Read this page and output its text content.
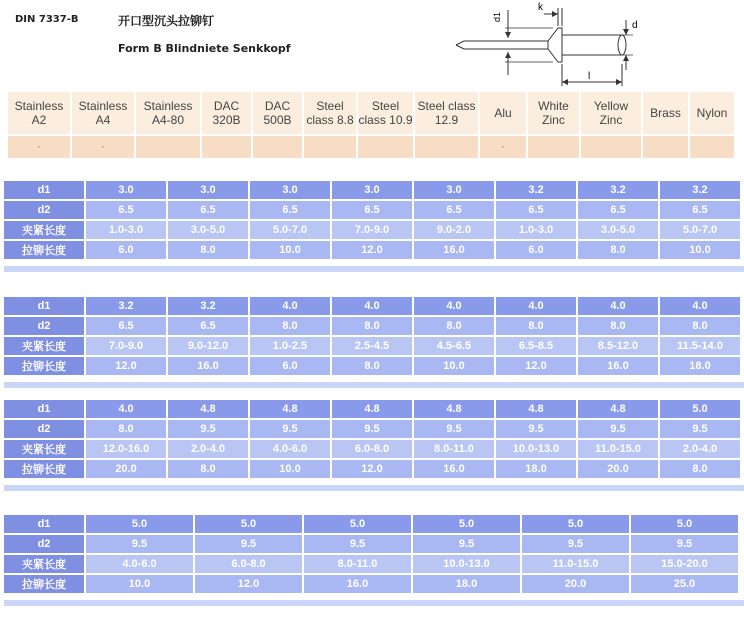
DIN 7337-B	开口型沉头拉铆钉
Form B Blindniete Senkkopf
d1
k
d
l
Stainless A2	Stainless A4	Stainless A4-80	DAC 320B	DAC 500B	Steel class 8.8	Steel class 10.9	Steel class 12.9	Alu	White Zinc	Yellow Zinc	Brass	Nylon
·	·							·				
d1	3.0	3.0	3.0	3.0	3.0	3.2	3.2	3.2
d2	6.5	6.5	6.5	6.5	6.5	6.5	6.5	6.5
夹紧长度	1.0-3.0	3.0-5.0	5.0-7.0	7.0-9.0	9.0-2.0	1.0-3.0	3.0-5.0	5.0-7.0
拉铆长度	6.0	8.0	10.0	12.0	16.0	6.0	8.0	10.0
d1	3.2	3.2	4.0	4.0	4.0	4.0	4.0	4.0
d2	6.5	6.5	8.0	8.0	8.0	8.0	8.0	8.0
夹紧长度	7.0-9.0	9.0-12.0	1.0-2.5	2.5-4.5	4.5-6.5	6.5-8.5	8.5-12.0	11.5-14.0
拉铆长度	12.0	16.0	6.0	8.0	10.0	12.0	16.0	18.0
d1	4.0	4.8	4.8	4.8	4.8	4.8	4.8	5.0
d2	8.0	9.5	9.5	9.5	9.5	9.5	9.5	9.5
夹紧长度	12.0-16.0	2.0-4.0	4.0-6.0	6.0-8.0	8.0-11.0	10.0-13.0	11.0-15.0	2.0-4.0
拉铆长度	20.0	8.0	10.0	12.0	16.0	18.0	20.0	8.0
d1	5.0	5.0	5.0	5.0	5.0	5.0
d2	9.5	9.5	9.5	9.5	9.5	9.5
夹紧长度	4.0-6.0	6.0-8.0	8.0-11.0	10.0-13.0	11.0-15.0	15.0-20.0
拉铆长度	10.0	12.0	16.0	18.0	20.0	25.0
